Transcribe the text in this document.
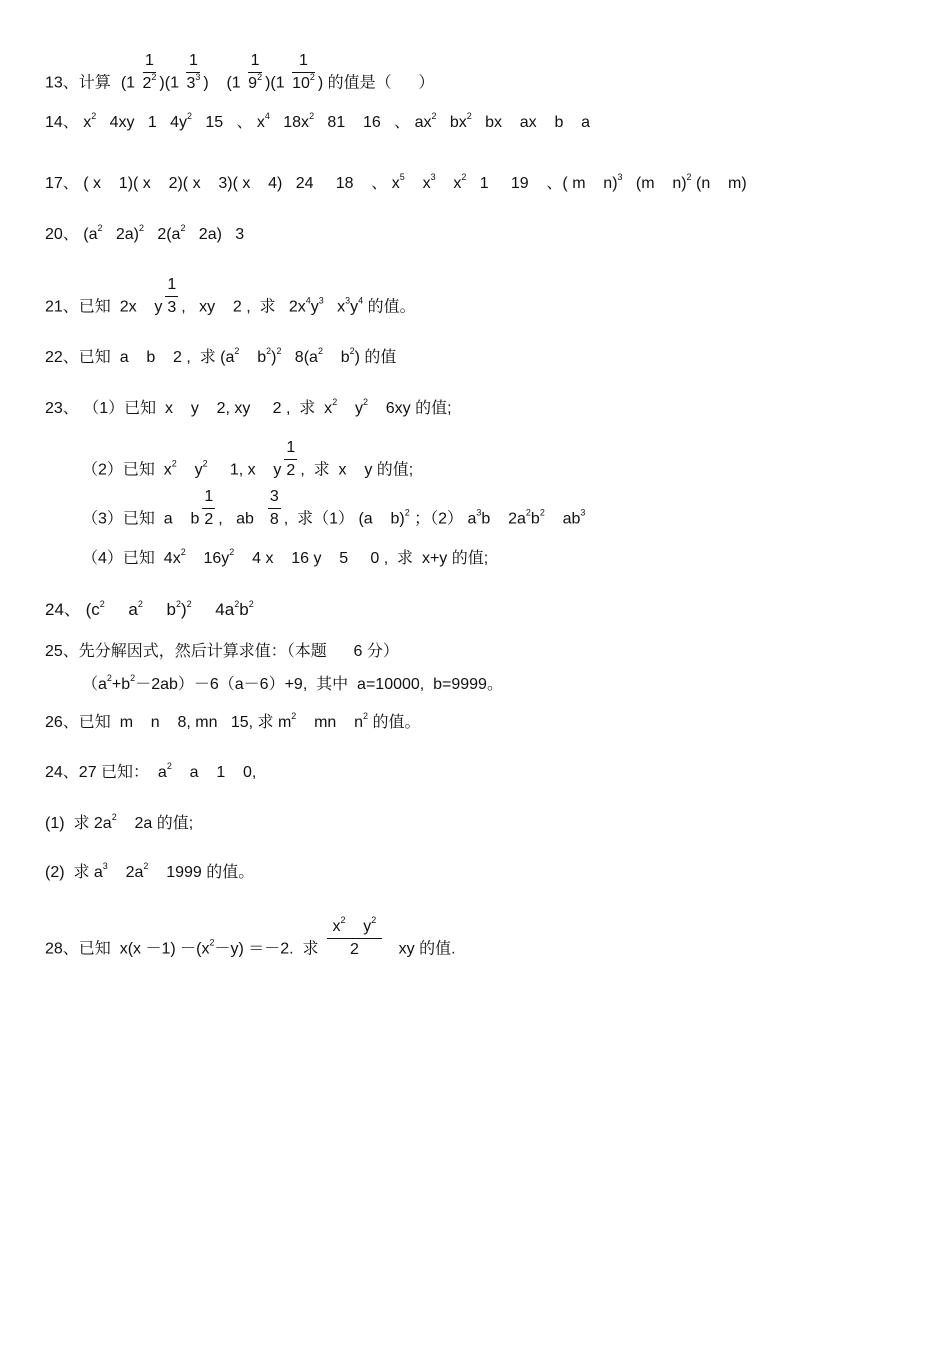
13、计算 $(1 \frac{1}{2^2} )(1 \frac{1}{3^3}$ )    $(1 \frac{1}{9^2} )(1 \frac{1}{10^2}$ ) 的值是（      ）
14、 $x^2$   4xy   1   $4y^2$   15   、 $x^4$   $18x^2$   81    16   、 $ax^2$   $bx^2$   bx    ax    b    a
17、 ( x    1)( x    2)( x    3)( x    4)   24     18    、 $x^5$    $x^3$    $x^2$   1     19    、( m    n)$^3$   (m    n)$^2$ (n    m)
20、 ($a^2$   2a)$^2$   $2(a^2$   2a)   3
21、已知  2x    y $\frac{1}{3}$ ,   xy    2 ,  求   $2x^4y^3$   $x^3y^4$ 的值。
22、已知  a    b    2 ,  求 ($a^2$    $b^2)^2$   $8(a^2$    $b^2$) 的值
23、 （1）已知  x    y    2, xy     2 ,  求  $x^2$    $y^2$    6xy 的值;
（2）已知  $x^2$    $y^2$     1, x    y $\frac{1}{2}$ ,  求  x    y 的值;
（3）已知  a    b $\frac{1}{2}$ ,   ab $\frac{3}{8}$ ,  求（1） (a    b)$^2$ ；（2） $a^3b$    $2a^2b^2$    $ab^3$
（4）已知  $4x^2$    $16y^2$    4 x    16 y    5     0 ,  求  x+y 的值;
24、 ($c^2$     $a^2$     $b^2)^2$     $4a^2b^2$
25、先分解因式，然后计算求值：（本题      6 分）
$(a^2+b^2-2ab)-6(a-6)+9$,  其中  a=10000,  b=9999。
26、已知  m    n    8, mn   15, 求 $m^2$    mn    $n^2$ 的值。
24、27 已知：  $a^2$    a    1    0,
(1)  求 $2a^2$    2a 的值;
(2)  求 $a^3$    $2a^2$    1999 的值。
28、已知  $x(x -1) -(x^2-y) =-2$.  求 $\frac{x^2 y^2}{2}$ xy 的值.
